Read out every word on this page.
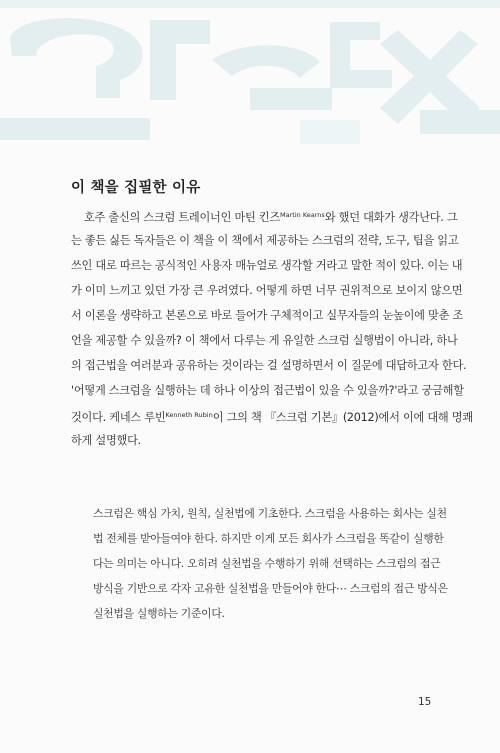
이 책을 집필한 이유
호주 출신의 스크럼 트레이너인 마틴 킨즈$^{Martin Kearns}$와 했던 대화가 생각난다. 그
는 좋든 싫든 독자들은 이 책을 이 책에서 제공하는 스크럼의 전략, 도구, 팁을 읽고
쓰인 대로 따르는 공식적인 사용자 매뉴얼로 생각할 거라고 말한 적이 있다. 이는 내
가 이미 느끼고 있던 가장 큰 우려였다. 어떻게 하면 너무 권위적으로 보이지 않으면
서 이론을 생략하고 본론으로 바로 들어가 구체적이고 실무자들의 눈높이에 맞춘 조
언을 제공할 수 있을까? 이 책에서 다루는 게 유일한 스크럼 실행법이 아니라, 하나
의 접근법을 여러분과 공유하는 것이라는 걸 설명하면서 이 질문에 대답하고자 한다.
'어떻게 스크럼을 실행하는 데 하나 이상의 접근법이 있을 수 있을까?'라고 궁금해할
것이다. 케네스 루빈$^{Kenneth Rubin}$이 그의 책 『스크럼 기본』(2012)에서 이에 대해 명쾌
하게 설명했다.
스크럼은 핵심 가치, 원칙, 실천법에 기초한다. 스크럼을 사용하는 회사는 실천
법 전체를 받아들여야 한다. 하지만 이게 모든 회사가 스크럼을 똑같이 실행한
다는 의미는 아니다. 오히려 실천법을 수행하기 위해 선택하는 스크럼의 접근
방식을 기반으로 각자 고유한 실천법을 만들어야 한다⋯ 스크럼의 접근 방식은
실천법을 실행하는 기준이다.
15
